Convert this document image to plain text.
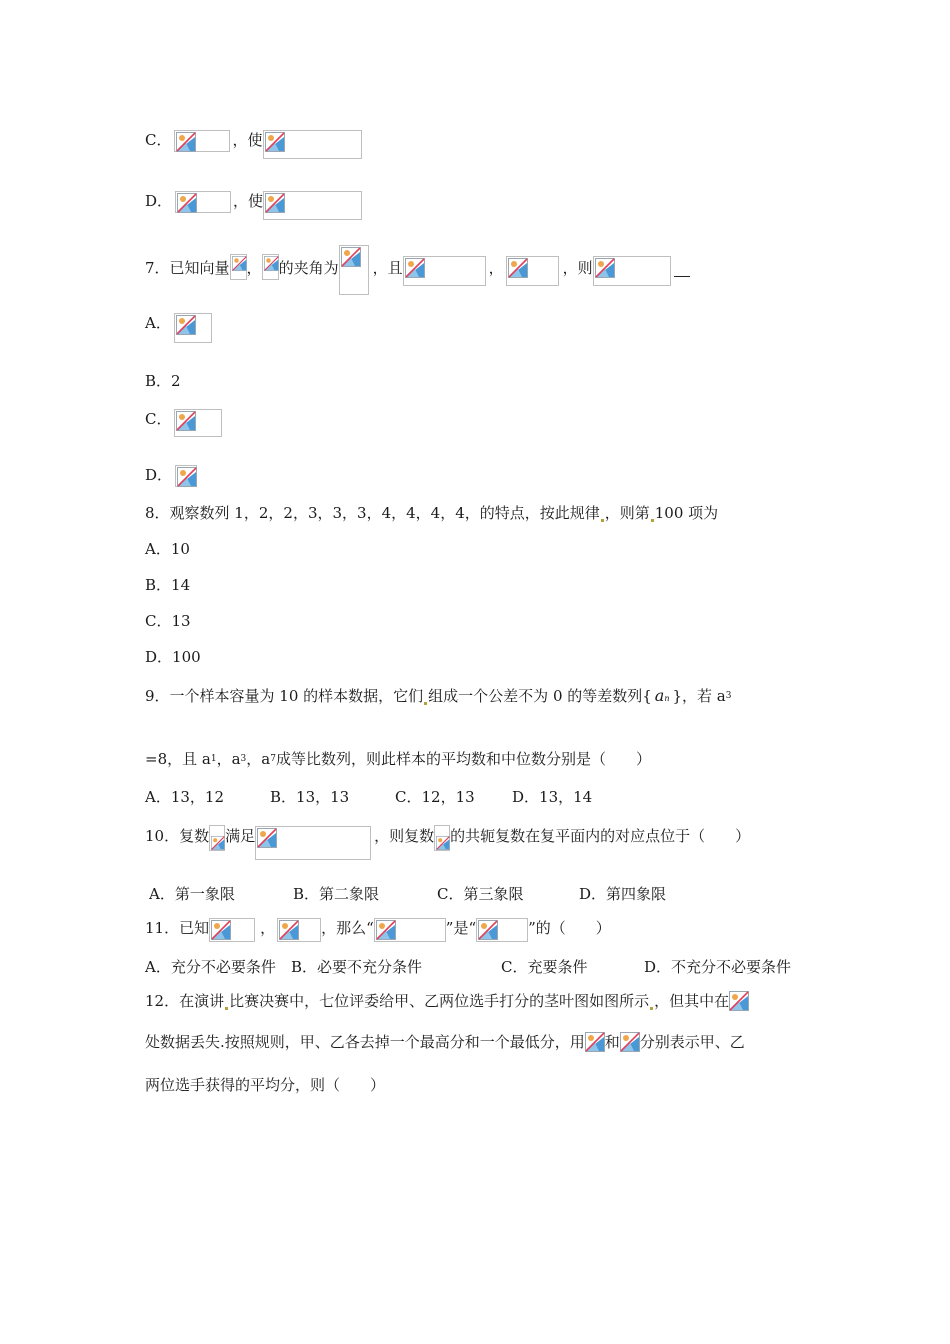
C．	，使
D．	，使
7．已知向量 ， 的夹角为 ，且	，	，则
A．
B．2
C．
D．
8．观察数列 1，2，2，3，3，3，4，4，4，4，的特点，按此规律 ，则第 100 项为
A．10
B．14
C．13
D．100
9．一个样本容量为 10 的样本数据，它们 组成一个公差不为 0 的等差数列{ an }，若 a 3
=8，且 a 1 ，a 3 ，a 7 成等比数列，则此样本的平均数和中位数分别是（　　）
A．13，12	B．13，13	C．12，13	D．13，14
10．复数 满足	，则复数 的共轭复数在复平面内的对应点位于（　　）
A．第一象限	B．第二象限	C．第三象限	D．第四象限
11．已知	，	，那么“	”是“	”的（　　）
A．充分不必要条件	B．必要不充分条件	C．充要条件	D．不充分不必要条件
12．在演讲 比赛决赛中，七位评委给甲、乙两位选手打分的茎叶图如图所示 ，但其中在
处数据丢失.按照规则，甲、乙各去掉一个最高分和一个最低分，用 和 分别表示甲、乙
两位选手获得的平均分，则（　　）
